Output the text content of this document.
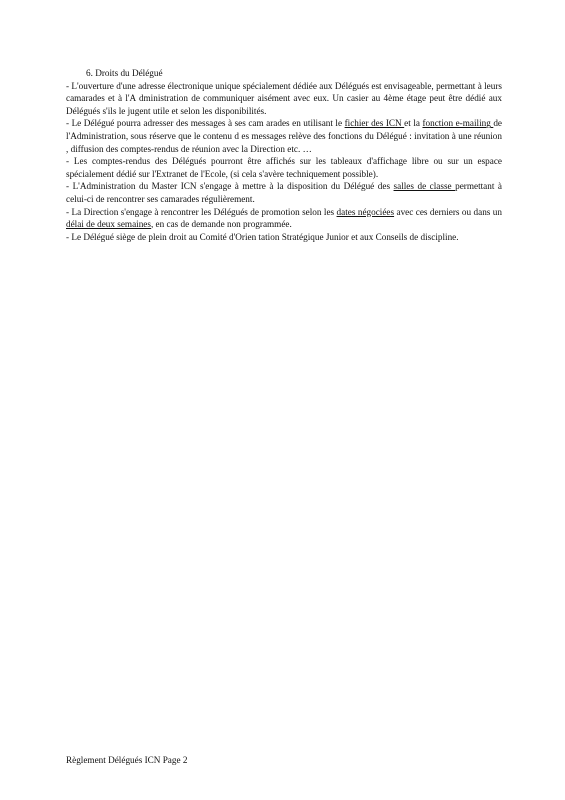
6. Droits du Délégué

- L'ouverture d'une adresse électronique unique spécialement dédiée aux Délégués est envisageable, permettant à leurs camarades et à l'A dministration de communiquer aisément avec eux. Un casier au 4ème étage peut être dédié aux Délégués s'ils le jugent utile et selon les disponibilités.

- Le Délégué pourra adresser des messages à ses cam arades en utilisant le fichier des ICN et la fonction e-mailing de l'Administration, sous réserve que le contenu d es messages relève des fonctions du Délégué : invitation à une réunion , diffusion des comptes-rendus de réunion avec la Direction etc. …

- Les comptes-rendus des Délégués pourront être affichés sur les tableaux d'affichage libre ou sur un espace spécialement dédié sur l'Extranet de l'Ecole, (si cela s'avère techniquement possible).

- L'Administration du Master ICN s'engage à mettre à la disposition du Délégué des salles de classe permettant à celui-ci de rencontrer ses camarades régulièrement.

- La Direction s'engage à rencontrer les Délégués de promotion selon les dates négociées avec ces derniers ou dans un délai de deux semaines, en cas de demande non programmée.

- Le Délégué siège de plein droit au Comité d'Orien tation Stratégique Junior et aux Conseils de discipline.

Règlement Délégués ICN Page 2
